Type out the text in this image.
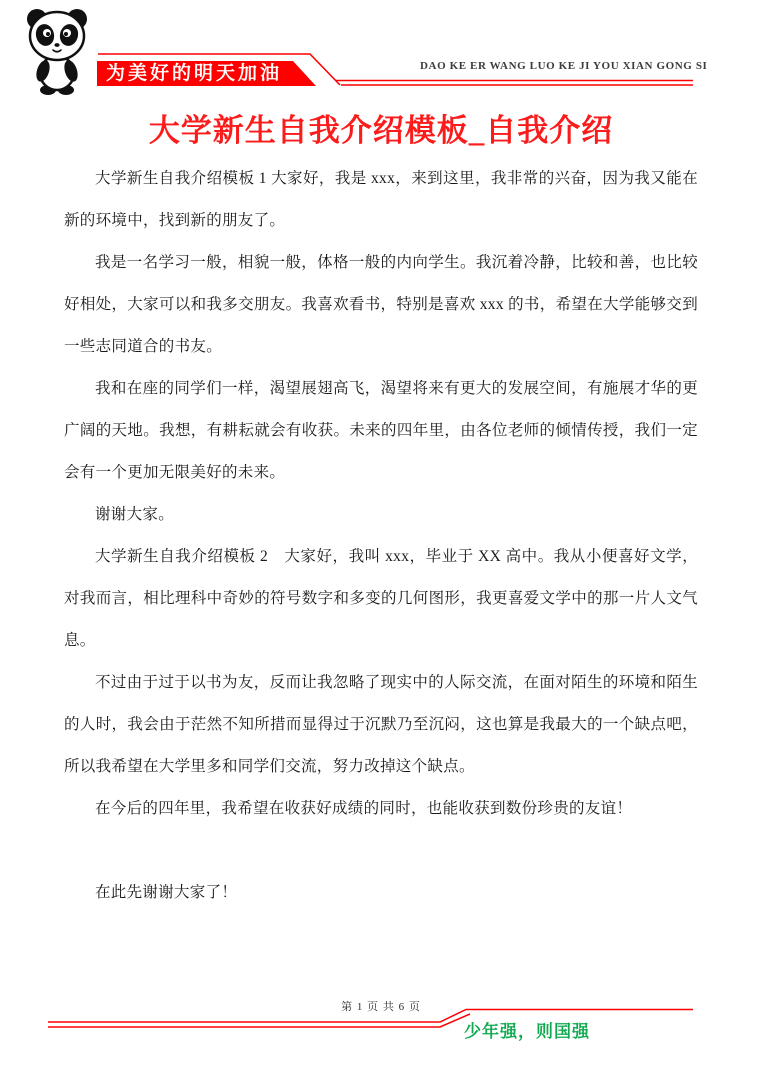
为美好的明天加油	DAO KE ER WANG LUO KE JI YOU XIAN GONG SI
大学新生自我介绍模板_自我介绍

大学新生自我介绍模板 1 大家好，我是 xxx，来到这里，我非常的兴奋，因为我又能在新的环境中，找到新的朋友了。

我是一名学习一般，相貌一般，体格一般的内向学生。我沉着冷静，比较和善，也比较好相处，大家可以和我多交朋友。我喜欢看书，特别是喜欢 xxx 的书，希望在大学能够交到一些志同道合的书友。

我和在座的同学们一样，渴望展翅高飞，渴望将来有更大的发展空间，有施展才华的更广阔的天地。我想，有耕耘就会有收获。未来的四年里，由各位老师的倾情传授，我们一定会有一个更加无限美好的未来。

谢谢大家。

大学新生自我介绍模板 2　大家好，我叫 xxx，毕业于 XX 高中。我从小便喜好文学，对我而言，相比理科中奇妙的符号数字和多变的几何图形，我更喜爱文学中的那一片人文气息。

不过由于过于以书为友，反而让我忽略了现实中的人际交流，在面对陌生的环境和陌生的人时，我会由于茫然不知所措而显得过于沉默乃至沉闷，这也算是我最大的一个缺点吧，所以我希望在大学里多和同学们交流，努力改掉这个缺点。

在今后的四年里，我希望在收获好成绩的同时，也能收获到数份珍贵的友谊！

在此先谢谢大家了！

第 1 页 共 6 页
少年强，则国强
